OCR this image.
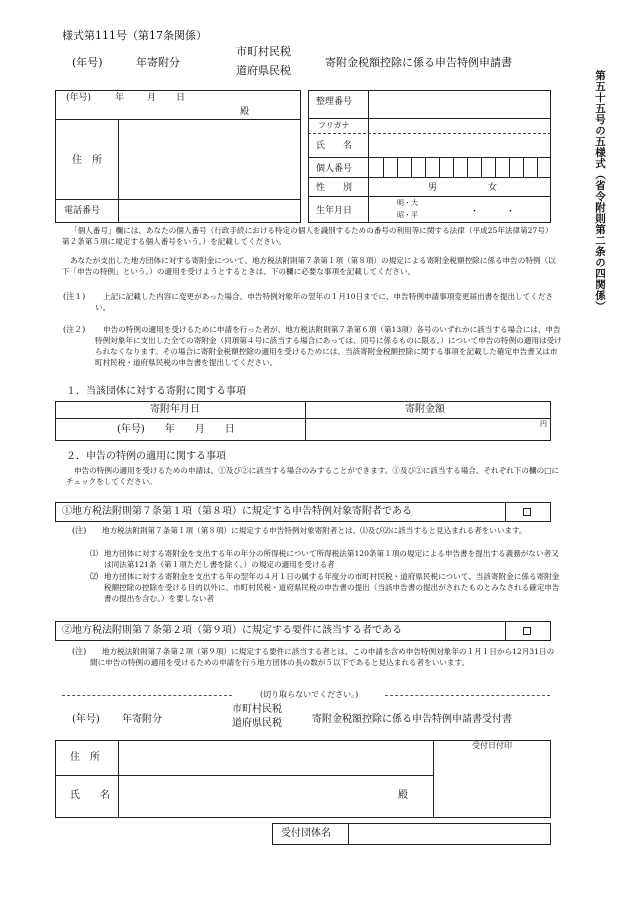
様式第111号（第17条関係）
(年号)	年寄附分
市町村民税
道府県民税
寄附金税額控除に係る申告特例申請書
第五十五号の五様式（省令附則第二条の四関係）
(年号)	年	月 日
殿
住　所
電話番号
整理番号
フリガナ
氏　　名
個人番号
性　　別	男	女
生年月日
明・大
昭・平	・　　　・
「個人番号」欄には、あなたの個人番号（行政手続における特定の個人を識別するための番号の利用等に関する法律（平成25年法律第27号）第２条第５項に規定する個人番号をいう。）を記載してください。
あなたが支出した地方団体に対する寄附金について、地方税法附則第７条第１項（第８項）の規定による寄附金税額控除に係る申告の特例（以下「申告の特例」という。）の適用を受けようとするときは、下の欄に必要な事項を記載してください。
(注１)	上記に記載した内容に変更があった場合、申告特例対象年の翌年の１月10日までに、申告特例申請事項変更届出書を提出してください。
(注２)	申告の特例の適用を受けるために申請を行った者が、地方税法附則第７条第６項（第13項）各号のいずれかに該当する場合には、申告特例対象年に支出した全ての寄附金（同項第４号に該当する場合にあっては、同号に係るものに限る。）について申告の特例の適用は受けられなくなります。その場合に寄附金税額控除の適用を受けるためには、当該寄附金税額控除に関する事項を記載した確定申告書又は市町村民税・道府県民税の申告書を提出してください。
１．当該団体に対する寄附に関する事項
寄附年月日	寄附金額
(年号)　　年　　月　　日	円
２．申告の特例の適用に関する事項
申告の特例の適用を受けるための申請は、①及び②に該当する場合のみすることができます。①及び②に該当する場合、それぞれ下の欄の□にチェックをしてください。
①地方税法附則第７条第１項（第８項）に規定する申告特例対象寄附者である
(注)	地方税法附則第７条第１項（第８項）に規定する申告特例対象寄附者とは、⑴及び⑵に該当すると見込まれる者をいいます。
⑴ 地方団体に対する寄附金を支出する年の年分の所得税について所得税法第120条第１項の規定による申告書を提出する義務がない者又は同法第121条（第１項ただし書を除く。）の規定の適用を受ける者
⑵ 地方団体に対する寄附金を支出する年の翌年の４月１日の属する年度分の市町村民税・道府県民税について、当該寄附金に係る寄附金税額控除の控除を受ける目的以外に、市町村民税・道府県民税の申告書の提出（当該申告書の提出がされたものとみなされる確定申告書の提出を含む。）を要しない者
②地方税法附則第７条第２項（第９項）に規定する要件に該当する者である
(注)	地方税法附則第７条第２項（第９項）に規定する要件に該当する者とは、この申請を含め申告特例対象年の１月１日から12月31日の間に申告の特例の適用を受けるための申請を行う地方団体の長の数が５以下であると見込まれる者をいいます。
(切り取らないでください。)
(年号) 年寄附分
市町村民税
道府県民税	寄附金税額控除に係る申告特例申請書受付書
住　所
氏　　名	殿
受付日付印
受付団体名
